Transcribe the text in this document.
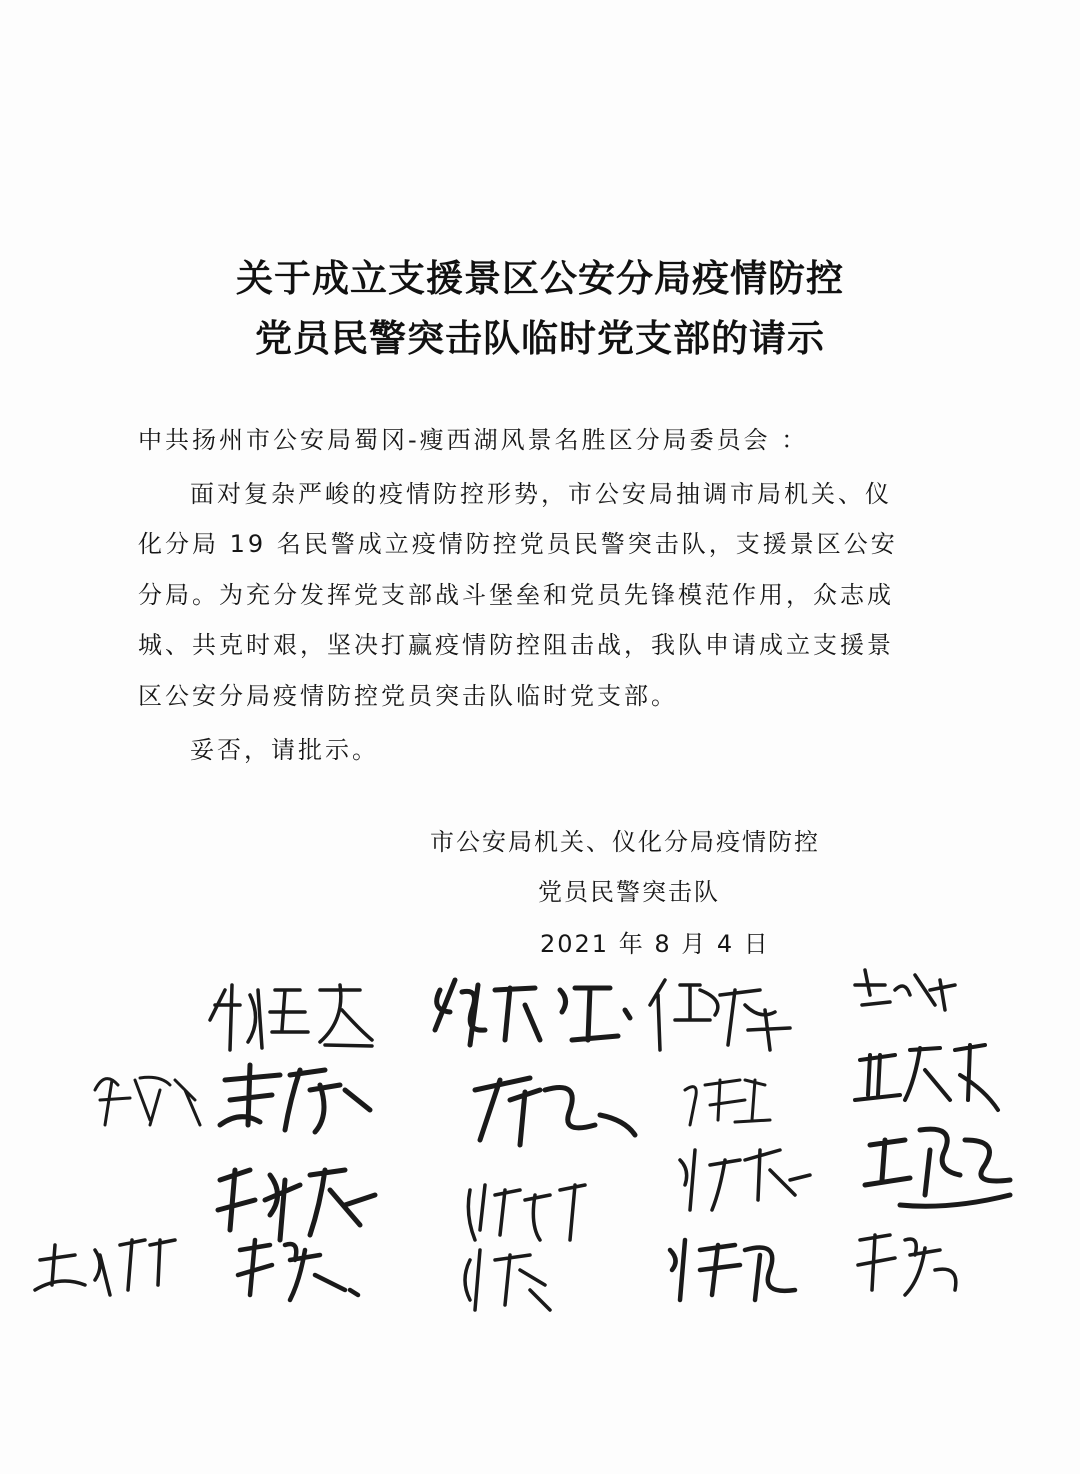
关于成立支援景区公安分局疫情防控
党员民警突击队临时党支部的请示
中共扬州市公安局蜀冈-瘦西湖风景名胜区分局委员会 ：
面对复杂严峻的疫情防控形势，市公安局抽调市局机关、仪
化分局 19 名民警成立疫情防控党员民警突击队，支援景区公安
分局。为充分发挥党支部战斗堡垒和党员先锋模范作用，众志成
城、共克时艰，坚决打赢疫情防控阻击战，我队申请成立支援景
区公安分局疫情防控党员突击队临时党支部。
妥否，请批示。
市公安局机关、仪化分局疫情防控
党员民警突击队
2021 年 8 月 4 日
